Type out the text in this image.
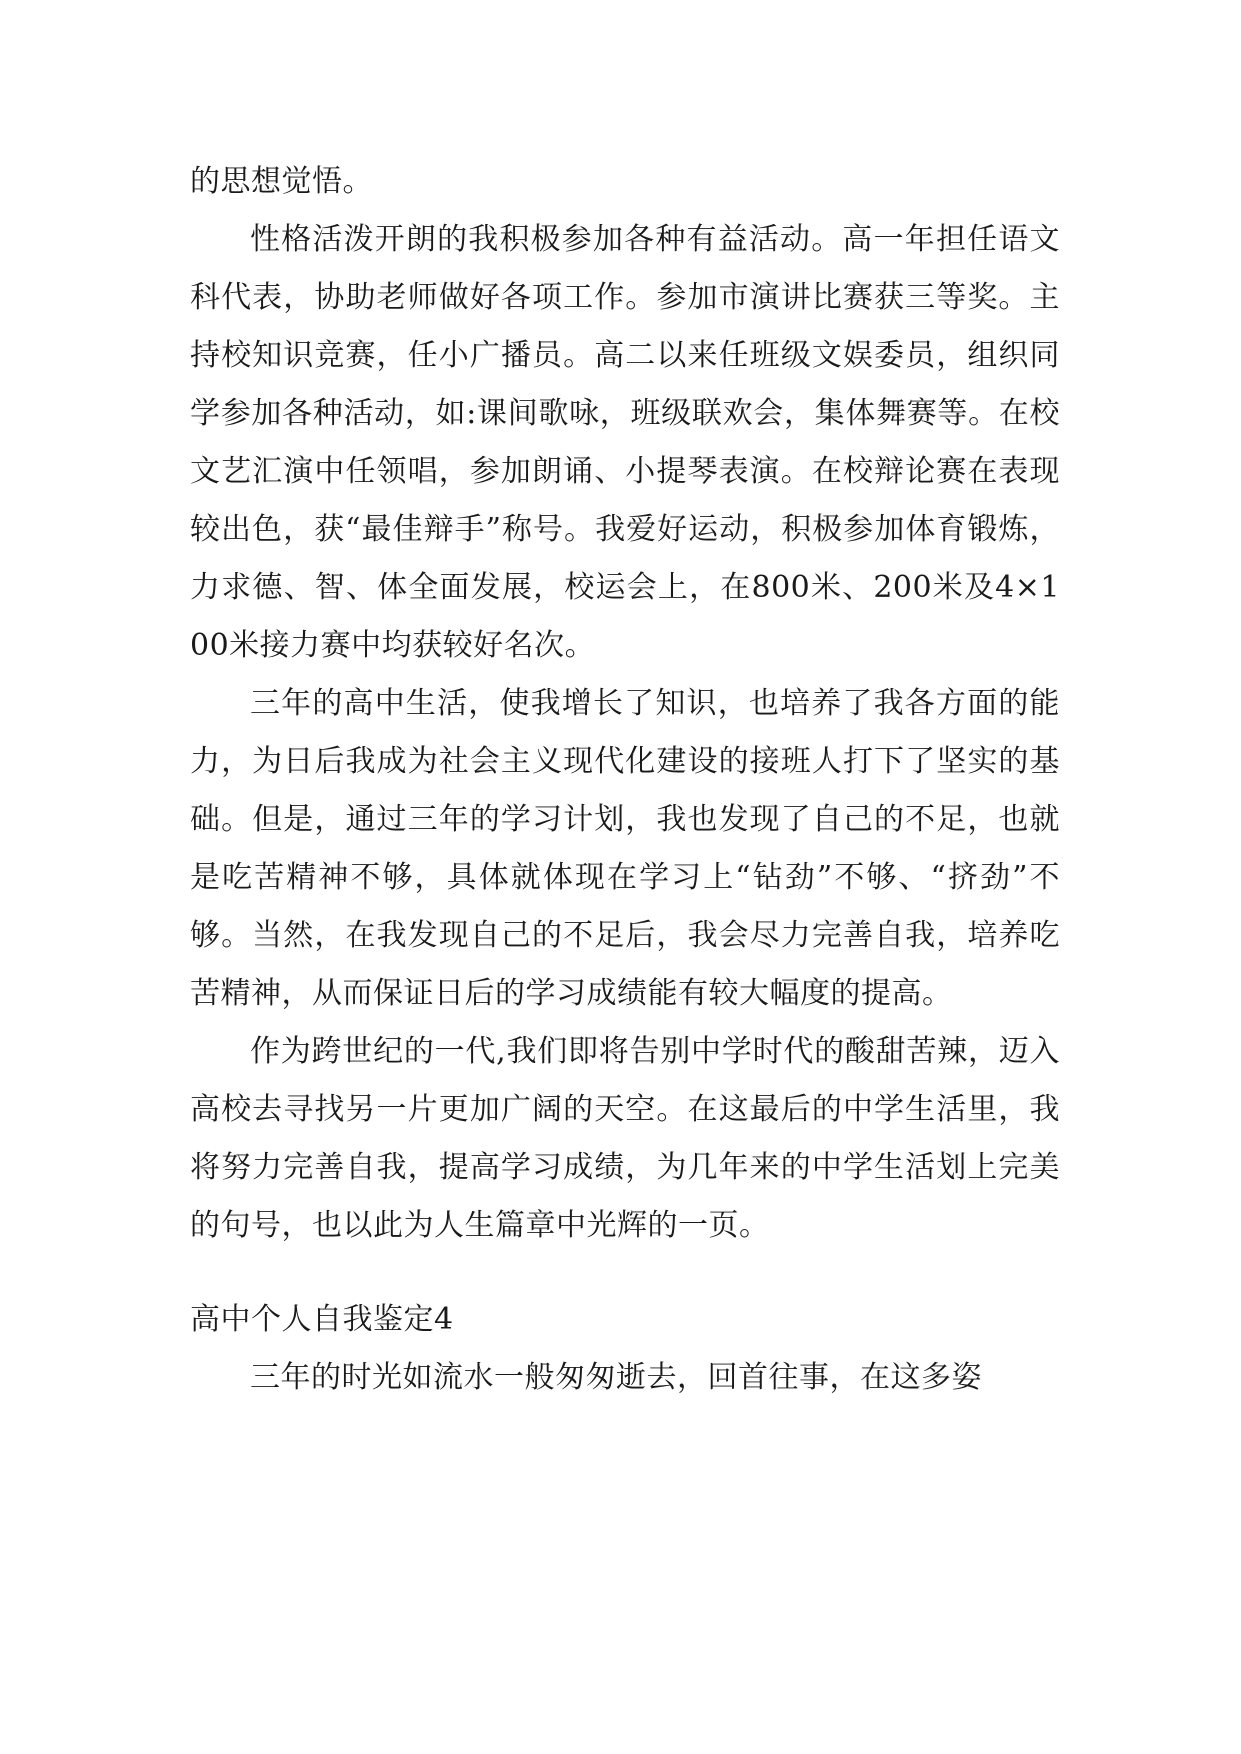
的思想觉悟。

性格活泼开朗的我积极参加各种有益活动。高一年担任语文科代表，协助老师做好各项工作。参加市演讲比赛获三等奖。主持校知识竞赛，任小广播员。高二以来任班级文娱委员，组织同学参加各种活动，如:课间歌咏，班级联欢会，集体舞赛等。在校文艺汇演中任领唱，参加朗诵、小提琴表演。在校辩论赛在表现较出色，获“最佳辩手”称号。我爱好运动，积极参加体育锻炼，力求德、智、体全面发展，校运会上，在800米、200米及4×100米接力赛中均获较好名次。

三年的高中生活，使我增长了知识，也培养了我各方面的能力，为日后我成为社会主义现代化建设的接班人打下了坚实的基础。但是，通过三年的学习计划，我也发现了自己的不足，也就是吃苦精神不够，具体就体现在学习上“钻劲”不够、“挤劲”不够。当然，在我发现自己的不足后，我会尽力完善自我，培养吃苦精神，从而保证日后的学习成绩能有较大幅度的提高。

作为跨世纪的一代,我们即将告别中学时代的酸甜苦辣，迈入高校去寻找另一片更加广阔的天空。在这最后的中学生活里，我将努力完善自我，提高学习成绩，为几年来的中学生活划上完美的句号，也以此为人生篇章中光辉的一页。

高中个人自我鉴定4

三年的时光如流水一般匆匆逝去，回首往事，在这多姿
